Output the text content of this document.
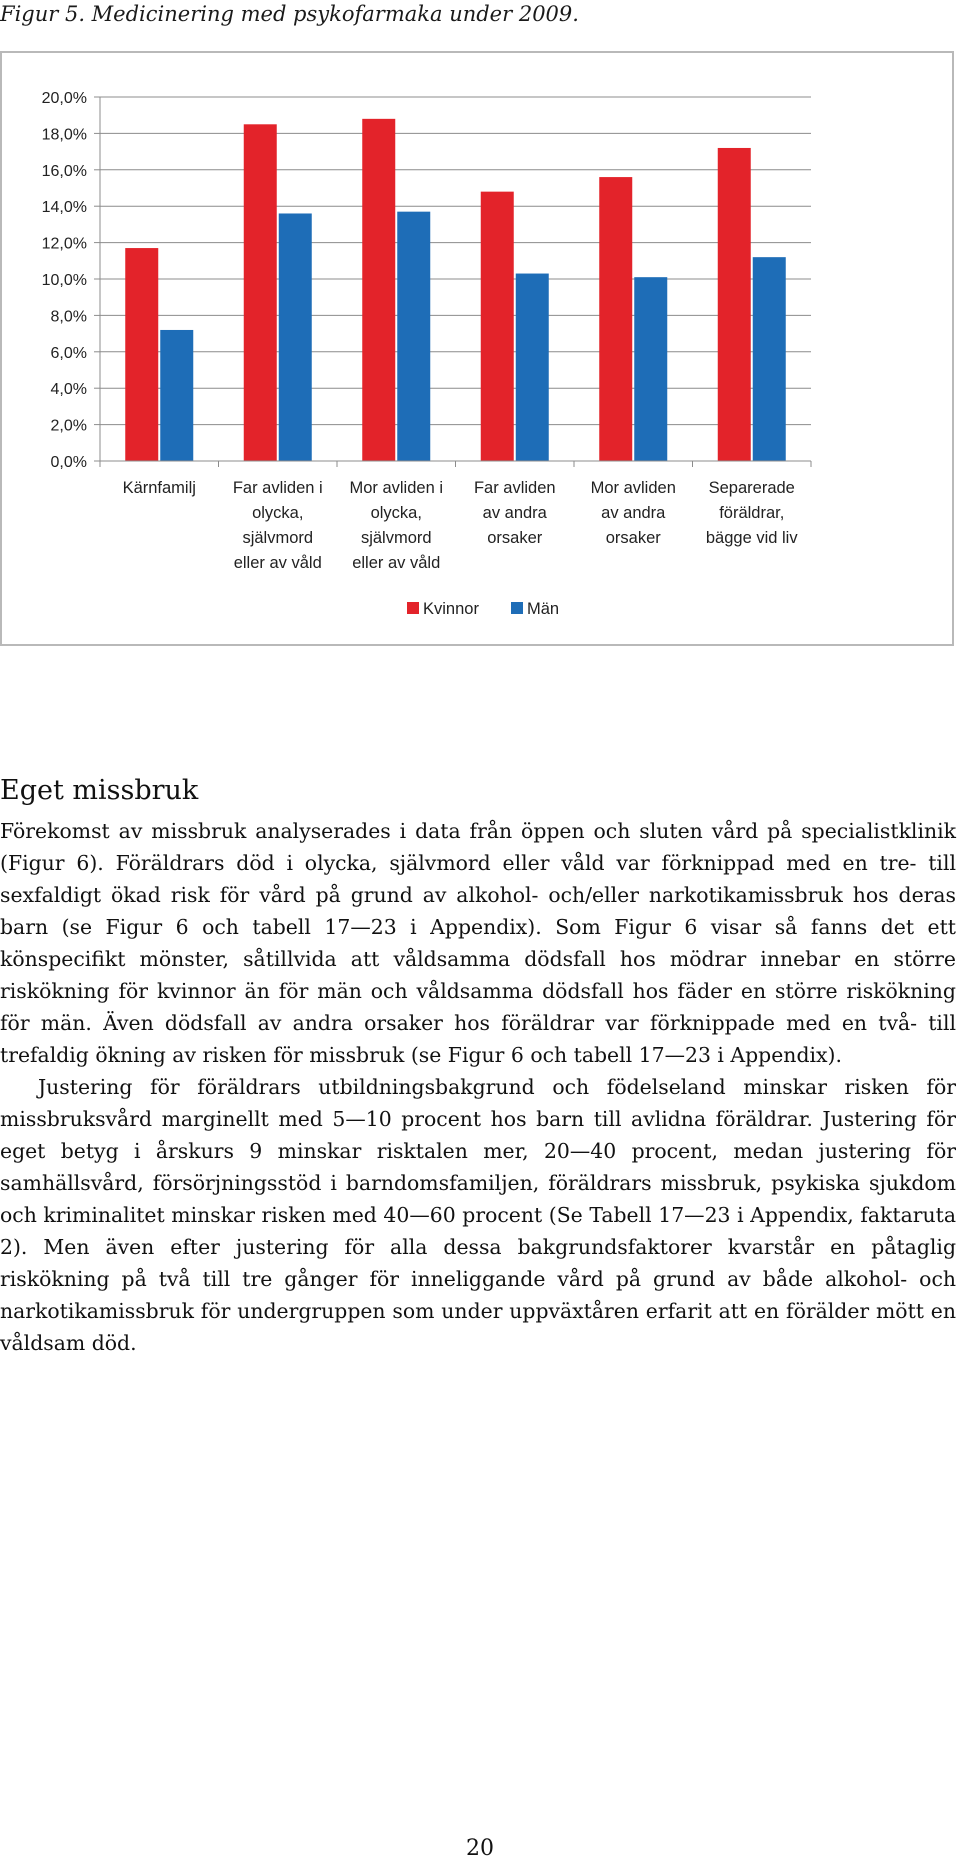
Figur 5. Medicinering med psykofarmaka under 2009.
0,0%
2,0%
4,0%
6,0%
8,0%
10,0%
12,0%
14,0%
16,0%
18,0%
20,0%
Kärnfamilj Far avliden i
olycka,
självmord
eller av våld
Mor avliden i
olycka,
självmord
eller av våld
Far avliden
av andra
orsaker
Mor avliden
av andra
orsaker
Separerade
föräldrar,
bägge vid liv
Kvinnor	Män
Eget missbruk

Förekomst av missbruk analyserades i data från öppen och sluten vård på specialistklinik (Figur 6). Föräldrars död i olycka, självmord eller våld var förknippad med en tre- till sexfaldigt ökad risk för vård på grund av alkohol- och/eller narkotikamissbruk hos deras barn (se Figur 6 och tabell 17—23 i Appendix). Som Figur 6 visar så fanns det ett könspecifikt mönster, såtillvida att våldsamma dödsfall hos mödrar innebar en större riskökning för kvinnor än för män och våldsamma dödsfall hos fäder en större riskökning för män. Även dödsfall av andra orsaker hos föräldrar var förknippade med en två- till trefaldig ökning av risken för missbruk (se Figur 6 och tabell 17—23 i Appendix).

Justering för föräldrars utbildningsbakgrund och födelseland minskar risken för missbruksvård marginellt med 5—10 procent hos barn till avlidna föräldrar. Justering för eget betyg i årskurs 9 minskar risktalen mer, 20—40 procent, medan justering för samhällsvård, försörjningsstöd i barndomsfamiljen, föräldrars missbruk, psykiska sjukdom och kriminalitet minskar risken med 40—60 procent (Se Tabell 17—23 i Appendix, faktaruta 2). Men även efter justering för alla dessa bakgrundsfaktorer kvarstår en påtaglig riskökning på två till tre gånger för inneliggande vård på grund av både alkohol- och narkotikamissbruk för undergruppen som under uppväxtåren erfarit att en förälder mött en våldsam död.

20
